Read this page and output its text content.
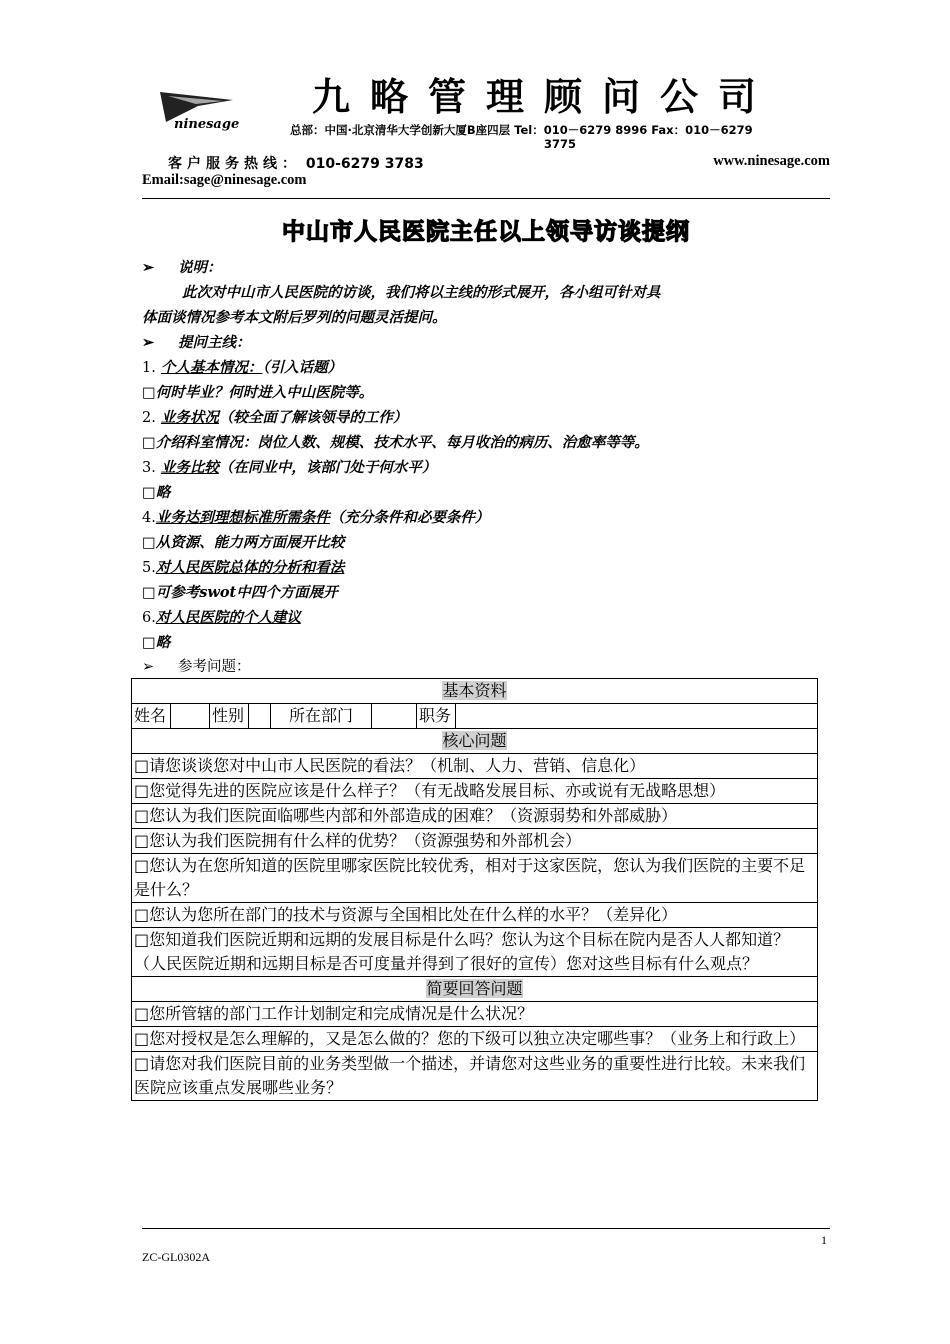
ninesage
九略管理顾问公司
总部：中国·北京清华大学创新大厦B座四层 Tel：010－6279 8996 Fax：010－6279
3775
客户服务热线： 010-6279 3783	www.ninesage.com
Email:sage@ninesage.com
中山市人民医院主任以上领导访谈提纲
➢ 说明：
此次对中山市人民医院的访谈，我们将以主线的形式展开，各小组可针对具
体面谈情况参考本文附后罗列的问题灵活提问。
➢ 提问主线：
1. 个人基本情况：（引入话题）
□何时毕业？何时进入中山医院等。
2. 业务状况（较全面了解该领导的工作）
□介绍科室情况：岗位人数、规模、技术水平、每月收治的病历、治愈率等等。
3. 业务比较（在同业中，该部门处于何水平）
□略
4.业务达到理想标准所需条件（充分条件和必要条件）
□从资源、能力两方面展开比较
5.对人民医院总体的分析和看法
□可参考swot中四个方面展开
6.对人民医院的个人建议
□略
➢ 参考问题：
基本资料
姓名		性别		所在部门		职务	
核心问题
□请您谈谈您对中山市人民医院的看法？（机制、人力、营销、信息化）
□您觉得先进的医院应该是什么样子？（有无战略发展目标、亦或说有无战略思想）
□您认为我们医院面临哪些内部和外部造成的困难？（资源弱势和外部威胁）
□您认为我们医院拥有什么样的优势？（资源强势和外部机会）
□您认为在您所知道的医院里哪家医院比较优秀，相对于这家医院，您认为我们医院的主要不足是什么？
□您认为您所在部门的技术与资源与全国相比处在什么样的水平？（差异化）
□您知道我们医院近期和远期的发展目标是什么吗？您认为这个目标在院内是否人人都知道？（人民医院近期和远期目标是否可度量并得到了很好的宣传）您对这些目标有什么观点？
简要回答问题
□您所管辖的部门工作计划制定和完成情况是什么状况？
□您对授权是怎么理解的，又是怎么做的？您的下级可以独立决定哪些事？（业务上和行政上）
□请您对我们医院目前的业务类型做一个描述，并请您对这些业务的重要性进行比较。未来我们医院应该重点发展哪些业务？
1
ZC-GL0302A
